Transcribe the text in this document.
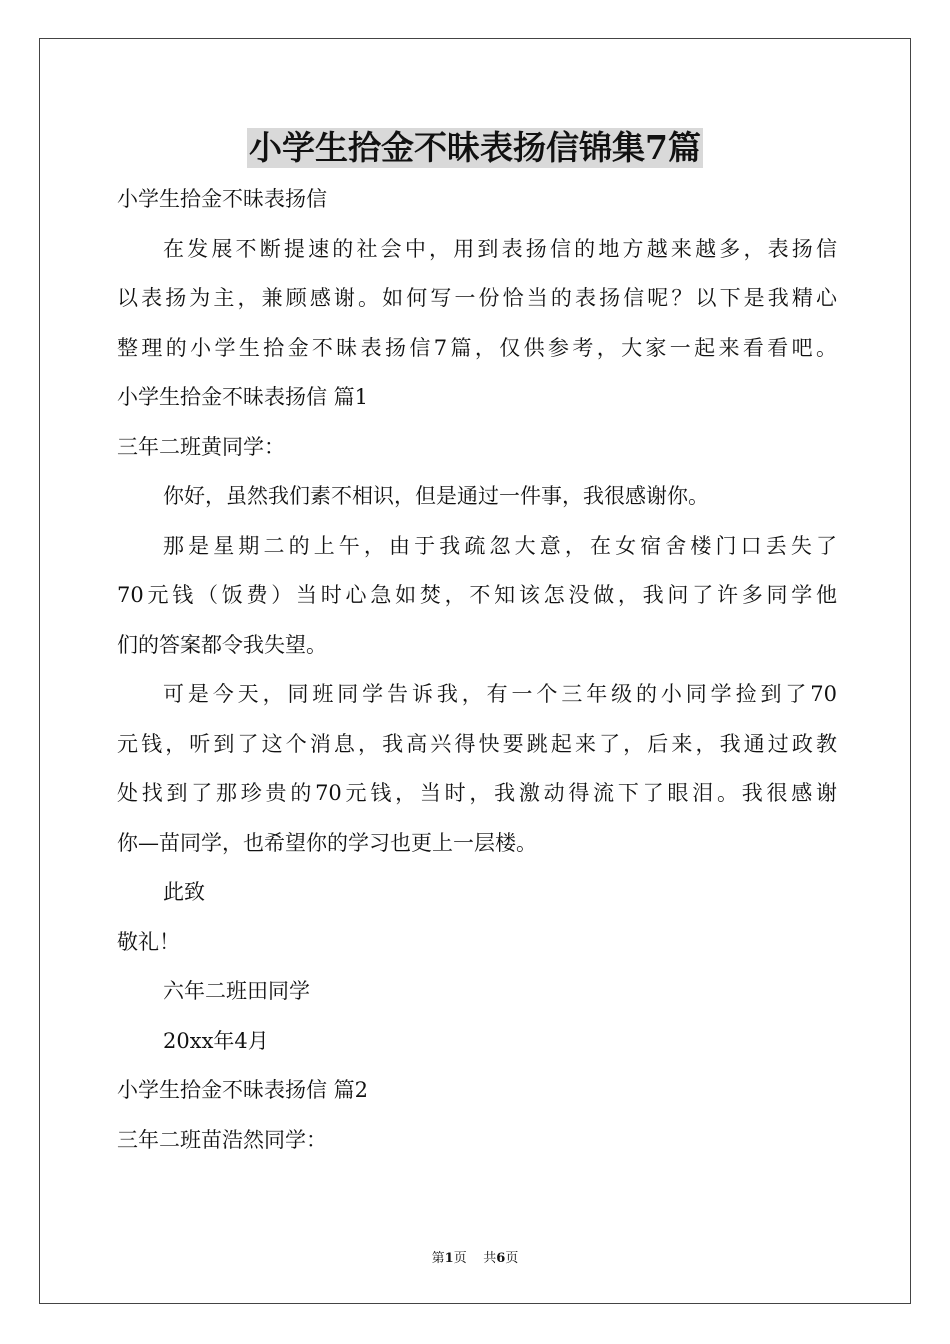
小学生拾金不昧表扬信锦集7篇
小学生拾金不昧表扬信
在发展不断提速的社会中，用到表扬信的地方越来越多，表扬信
以表扬为主，兼顾感谢。如何写一份恰当的表扬信呢？以下是我精心
整理的小学生拾金不昧表扬信7篇，仅供参考，大家一起来看看吧。
小学生拾金不昧表扬信 篇1
三年二班黄同学：
你好，虽然我们素不相识，但是通过一件事，我很感谢你。
那是星期二的上午，由于我疏忽大意，在女宿舍楼门口丢失了
70元钱（饭费）当时心急如焚，不知该怎没做，我问了许多同学他
们的答案都令我失望。
可是今天，同班同学告诉我，有一个三年级的小同学捡到了70
元钱，听到了这个消息，我高兴得快要跳起来了，后来，我通过政教
处找到了那珍贵的70元钱，当时，我激动得流下了眼泪。我很感谢
你—苗同学，也希望你的学习也更上一层楼。
此致
敬礼！
六年二班田同学
20xx年4月
小学生拾金不昧表扬信 篇2
三年二班苗浩然同学：
第1页 共6页
